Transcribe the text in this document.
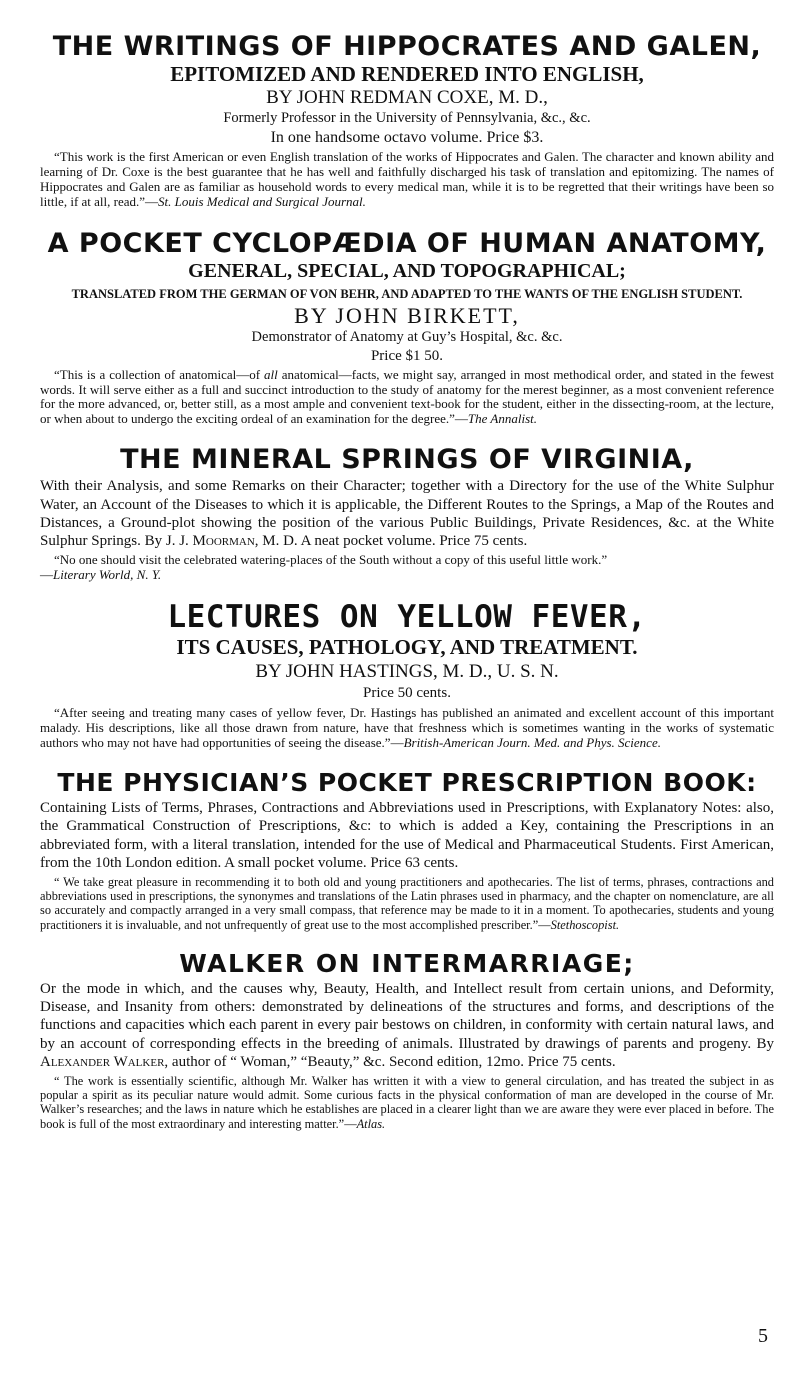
THE WRITINGS OF HIPPOCRATES AND GALEN,
EPITOMIZED AND RENDERED INTO ENGLISH,
BY JOHN REDMAN COXE, M. D.,
Formerly Professor in the University of Pennsylvania, &c., &c.
In one handsome octavo volume. Price $3.
“This work is the first American or even English translation of the works of Hippocrates and Galen. The character and known ability and learning of Dr. Coxe is the best guarantee that he has well and faithfully discharged his task of translation and epitomizing. The names of Hippocrates and Galen are as familiar as household words to every medical man, while it is to be regretted that their writings have been so little, if at all, read.”—St. Louis Medical and Surgical Journal.
A POCKET CYCLOPÆDIA OF HUMAN ANATOMY,
GENERAL, SPECIAL, AND TOPOGRAPHICAL;
TRANSLATED FROM THE GERMAN OF VON BEHR, AND ADAPTED TO THE WANTS OF THE ENGLISH STUDENT.
BY JOHN BIRKETT,
Demonstrator of Anatomy at Guy’s Hospital, &c. &c.
Price $1 50.
“This is a collection of anatomical—of all anatomical—facts, we might say, arranged in most methodical order, and stated in the fewest words. It will serve either as a full and succinct introduction to the study of anatomy for the merest beginner, as a most convenient reference for the more advanced, or, better still, as a most ample and convenient text-book for the student, either in the dissecting-room, at the lecture, or when about to undergo the exciting ordeal of an examination for the degree.”—The Annalist.
THE MINERAL SPRINGS OF VIRGINIA,
With their Analysis, and some Remarks on their Character; together with a Directory for the use of the White Sulphur Water, an Account of the Diseases to which it is applicable, the Different Routes to the Springs, a Map of the Routes and Distances, a Ground-plot showing the position of the various Public Buildings, Private Residences, &c. at the White Sulphur Springs. By J. J. Moorman, M. D. A neat pocket volume. Price 75 cents.
“No one should visit the celebrated watering-places of the South without a copy of this useful little work.”
—Literary World, N. Y.
LECTURES ON YELLOW FEVER,
ITS CAUSES, PATHOLOGY, AND TREATMENT.
BY JOHN HASTINGS, M. D., U. S. N.
Price 50 cents.
“After seeing and treating many cases of yellow fever, Dr. Hastings has published an animated and excellent account of this important malady. His descriptions, like all those drawn from nature, have that freshness which is sometimes wanting in the works of systematic authors who may not have had opportunities of seeing the disease.”—British-American Journ. Med. and Phys. Science.
THE PHYSICIAN’S POCKET PRESCRIPTION BOOK:
Containing Lists of Terms, Phrases, Contractions and Abbreviations used in Prescriptions, with Explanatory Notes: also, the Grammatical Construction of Prescriptions, &c: to which is added a Key, containing the Prescriptions in an abbreviated form, with a literal translation, intended for the use of Medical and Pharmaceutical Students. First American, from the 10th London edition. A small pocket volume. Price 63 cents.
“ We take great pleasure in recommending it to both old and young practitioners and apothecaries. The list of terms, phrases, contractions and abbreviations used in prescriptions, the synonymes and translations of the Latin phrases used in pharmacy, and the chapter on nomenclature, are all so accurately and compactly arranged in a very small compass, that reference may be made to it in a moment. To apothecaries, students and young practitioners it is invaluable, and not unfrequently of great use to the most accomplished prescriber.”—Stethoscopist.
WALKER ON INTERMARRIAGE;
Or the mode in which, and the causes why, Beauty, Health, and Intellect result from certain unions, and Deformity, Disease, and Insanity from others: demonstrated by delineations of the structures and forms, and descriptions of the functions and capacities which each parent in every pair bestows on children, in conformity with certain natural laws, and by an account of corresponding effects in the breeding of animals. Illustrated by drawings of parents and progeny. By Alexander Walker, author of “ Woman,” “Beauty,” &c. Second edition, 12mo. Price 75 cents.
“ The work is essentially scientific, although Mr. Walker has written it with a view to general circulation, and has treated the subject in as popular a spirit as its peculiar nature would admit. Some curious facts in the physical conformation of man are developed in the course of Mr. Walker’s researches; and the laws in nature which he establishes are placed in a clearer light than we are aware they were ever placed in before. The book is full of the most extraordinary and interesting matter.”—Atlas.
5
